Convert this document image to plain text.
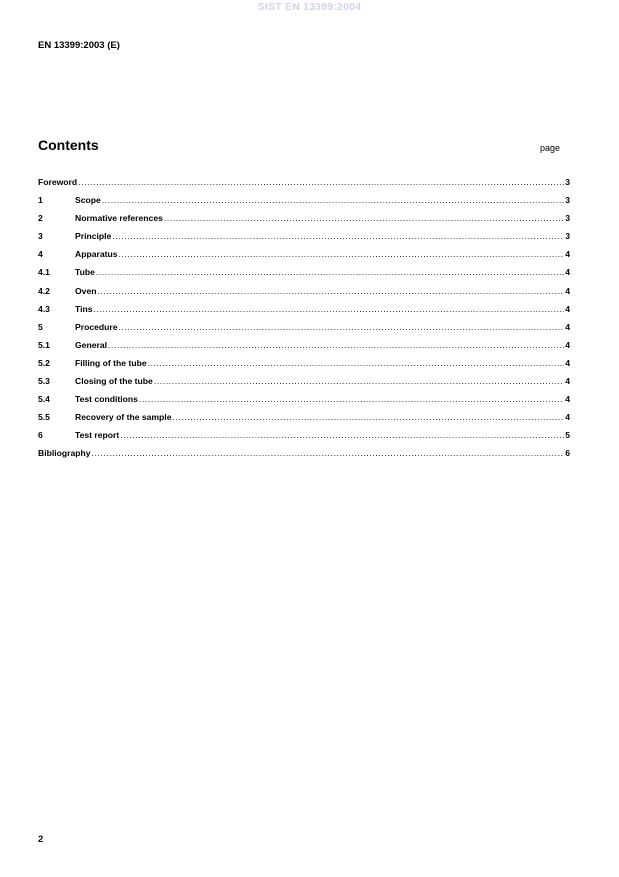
SIST EN 13399:2004
EN 13399:2003 (E)
Contents	page
Foreword .....	3
1	Scope .....	3
2	Normative references .....	3
3	Principle .....	3
4	Apparatus .....	4
4.1	Tube .....	4
4.2	Oven .....	4
4.3	Tins .....	4
5	Procedure .....	4
5.1	General .....	4
5.2	Filling of the tube .....	4
5.3	Closing of the tube .....	4
5.4	Test conditions .....	4
5.5	Recovery of the sample .....	4
6	Test report .....	5
Bibliography .....	6
2
